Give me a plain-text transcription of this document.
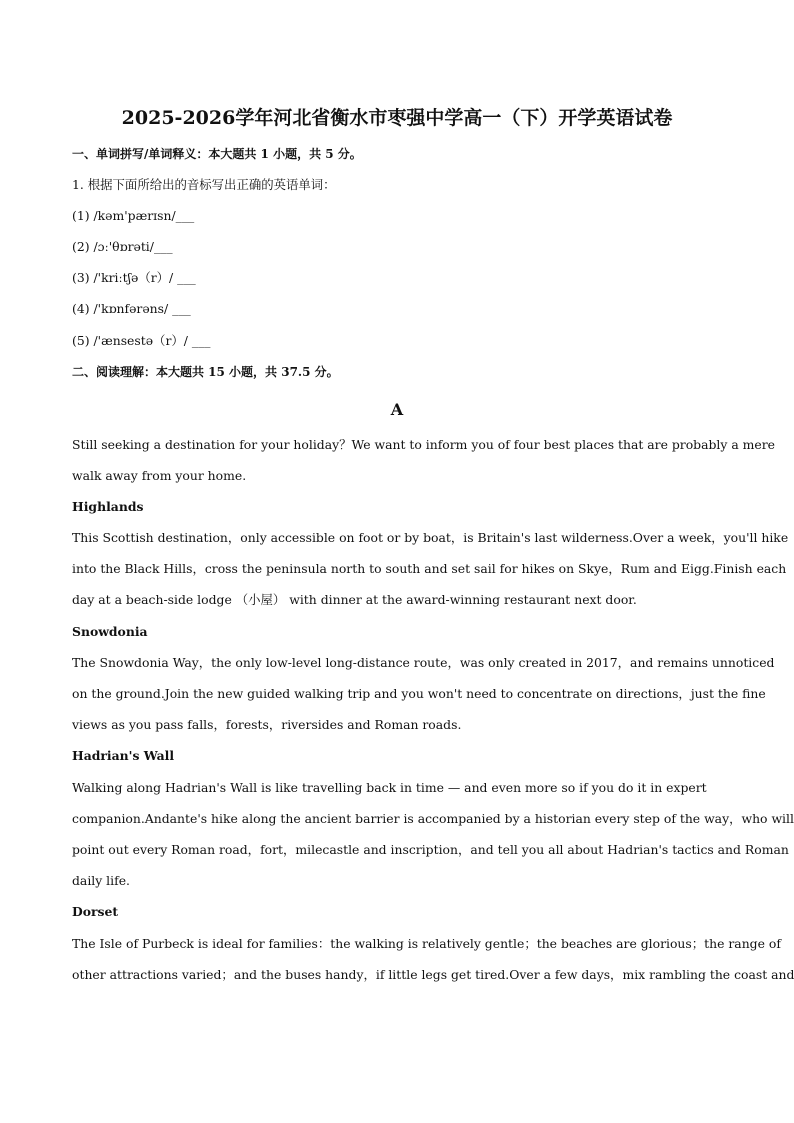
2025-2026学年河北省衡水市枣强中学高一（下）开学英语试卷
一、单词拼写/单词释义：本大题共 1 小题，共 5 分。
1. 根据下面所给出的音标写出正确的英语单词：
(1) /kəm'pærɪsn/___
(2) /ɔː'θɒrəti/___
(3) /'kriːtʃə（r）/ ___
(4) /'kɒnfərəns/ ___
(5) /'ænsestə（r）/ ___
二、阅读理解：本大题共 15 小题，共 37.5 分。
A
Still seeking a destination for your holiday？We want to inform you of four best places that are probably a mere
walk away from your home.
Highlands
This Scottish destination，only accessible on foot or by boat，is Britain's last wilderness.Over a week，you'll hike
into the Black Hills，cross the peninsula north to south and set sail for hikes on Skye，Rum and Eigg.Finish each
day at a beach-side lodge （小屋） with dinner at the award-winning restaurant next door.
Snowdonia
The Snowdonia Way，the only low-level long-distance route，was only created in 2017，and remains unnoticed
on the ground.Join the new guided walking trip and you won't need to concentrate on directions，just the fine
views as you pass falls，forests，riversides and Roman roads.
Hadrian's Wall
Walking along Hadrian's Wall is like travelling back in time — and even more so if you do it in expert
companion.Andante's hike along the ancient barrier is accompanied by a historian every step of the way，who will
point out every Roman road，fort，milecastle and inscription，and tell you all about Hadrian's tactics and Roman
daily life.
Dorset
The Isle of Purbeck is ideal for families：the walking is relatively gentle；the beaches are glorious；the range of
other attractions varied；and the buses handy，if little legs get tired.Over a few days，mix rambling the coast and
